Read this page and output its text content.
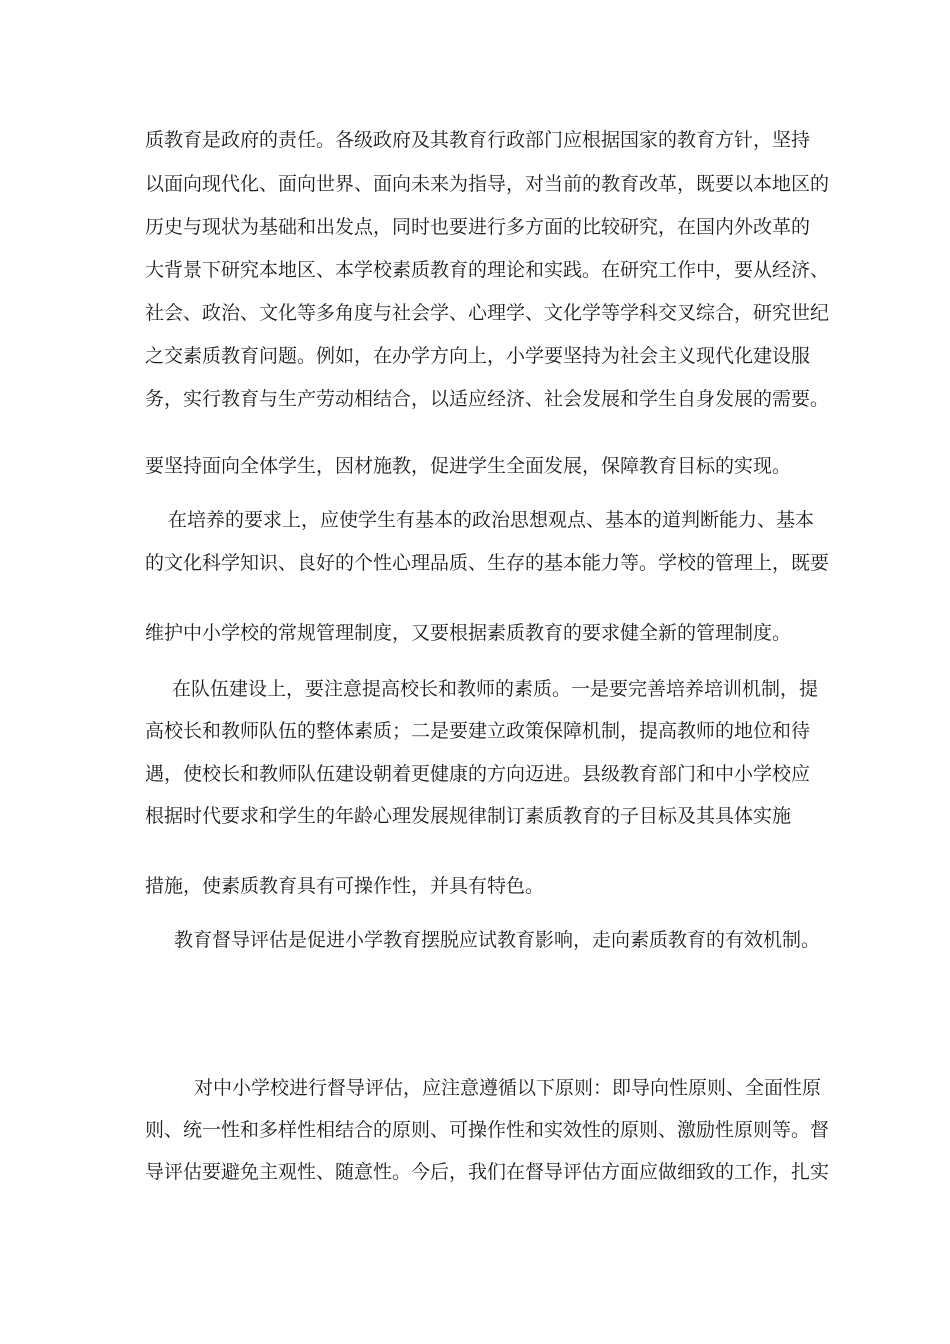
质教育是政府的责任。各级政府及其教育行政部门应根据国家的教育方针，坚持
以面向现代化、面向世界、面向未来为指导，对当前的教育改革，既要以本地区的
历史与现状为基础和出发点，同时也要进行多方面的比较研究，在国内外改革的
大背景下研究本地区、本学校素质教育的理论和实践。在研究工作中，要从经济、
社会、政治、文化等多角度与社会学、心理学、文化学等学科交叉综合，研究世纪
之交素质教育问题。例如，在办学方向上，小学要坚持为社会主义现代化建设服
务，实行教育与生产劳动相结合，以适应经济、社会发展和学生自身发展的需要。
要坚持面向全体学生，因材施教，促进学生全面发展，保障教育目标的实现。
在培养的要求上，应使学生有基本的政治思想观点、基本的道判断能力、基本
的文化科学知识、良好的个性心理品质、生存的基本能力等。学校的管理上，既要
维护中小学校的常规管理制度，又要根据素质教育的要求健全新的管理制度。
在队伍建设上，要注意提高校长和教师的素质。一是要完善培养培训机制，提
高校长和教师队伍的整体素质；二是要建立政策保障机制，提高教师的地位和待
遇，使校长和教师队伍建设朝着更健康的方向迈进。县级教育部门和中小学校应
根据时代要求和学生的年龄心理发展规律制订素质教育的子目标及其具体实施
措施，使素质教育具有可操作性，并具有特色。
教育督导评估是促进小学教育摆脱应试教育影响，走向素质教育的有效机制。
对中小学校进行督导评估，应注意遵循以下原则：即导向性原则、全面性原
则、统一性和多样性相结合的原则、可操作性和实效性的原则、激励性原则等。督
导评估要避免主观性、随意性。今后，我们在督导评估方面应做细致的工作，扎实
